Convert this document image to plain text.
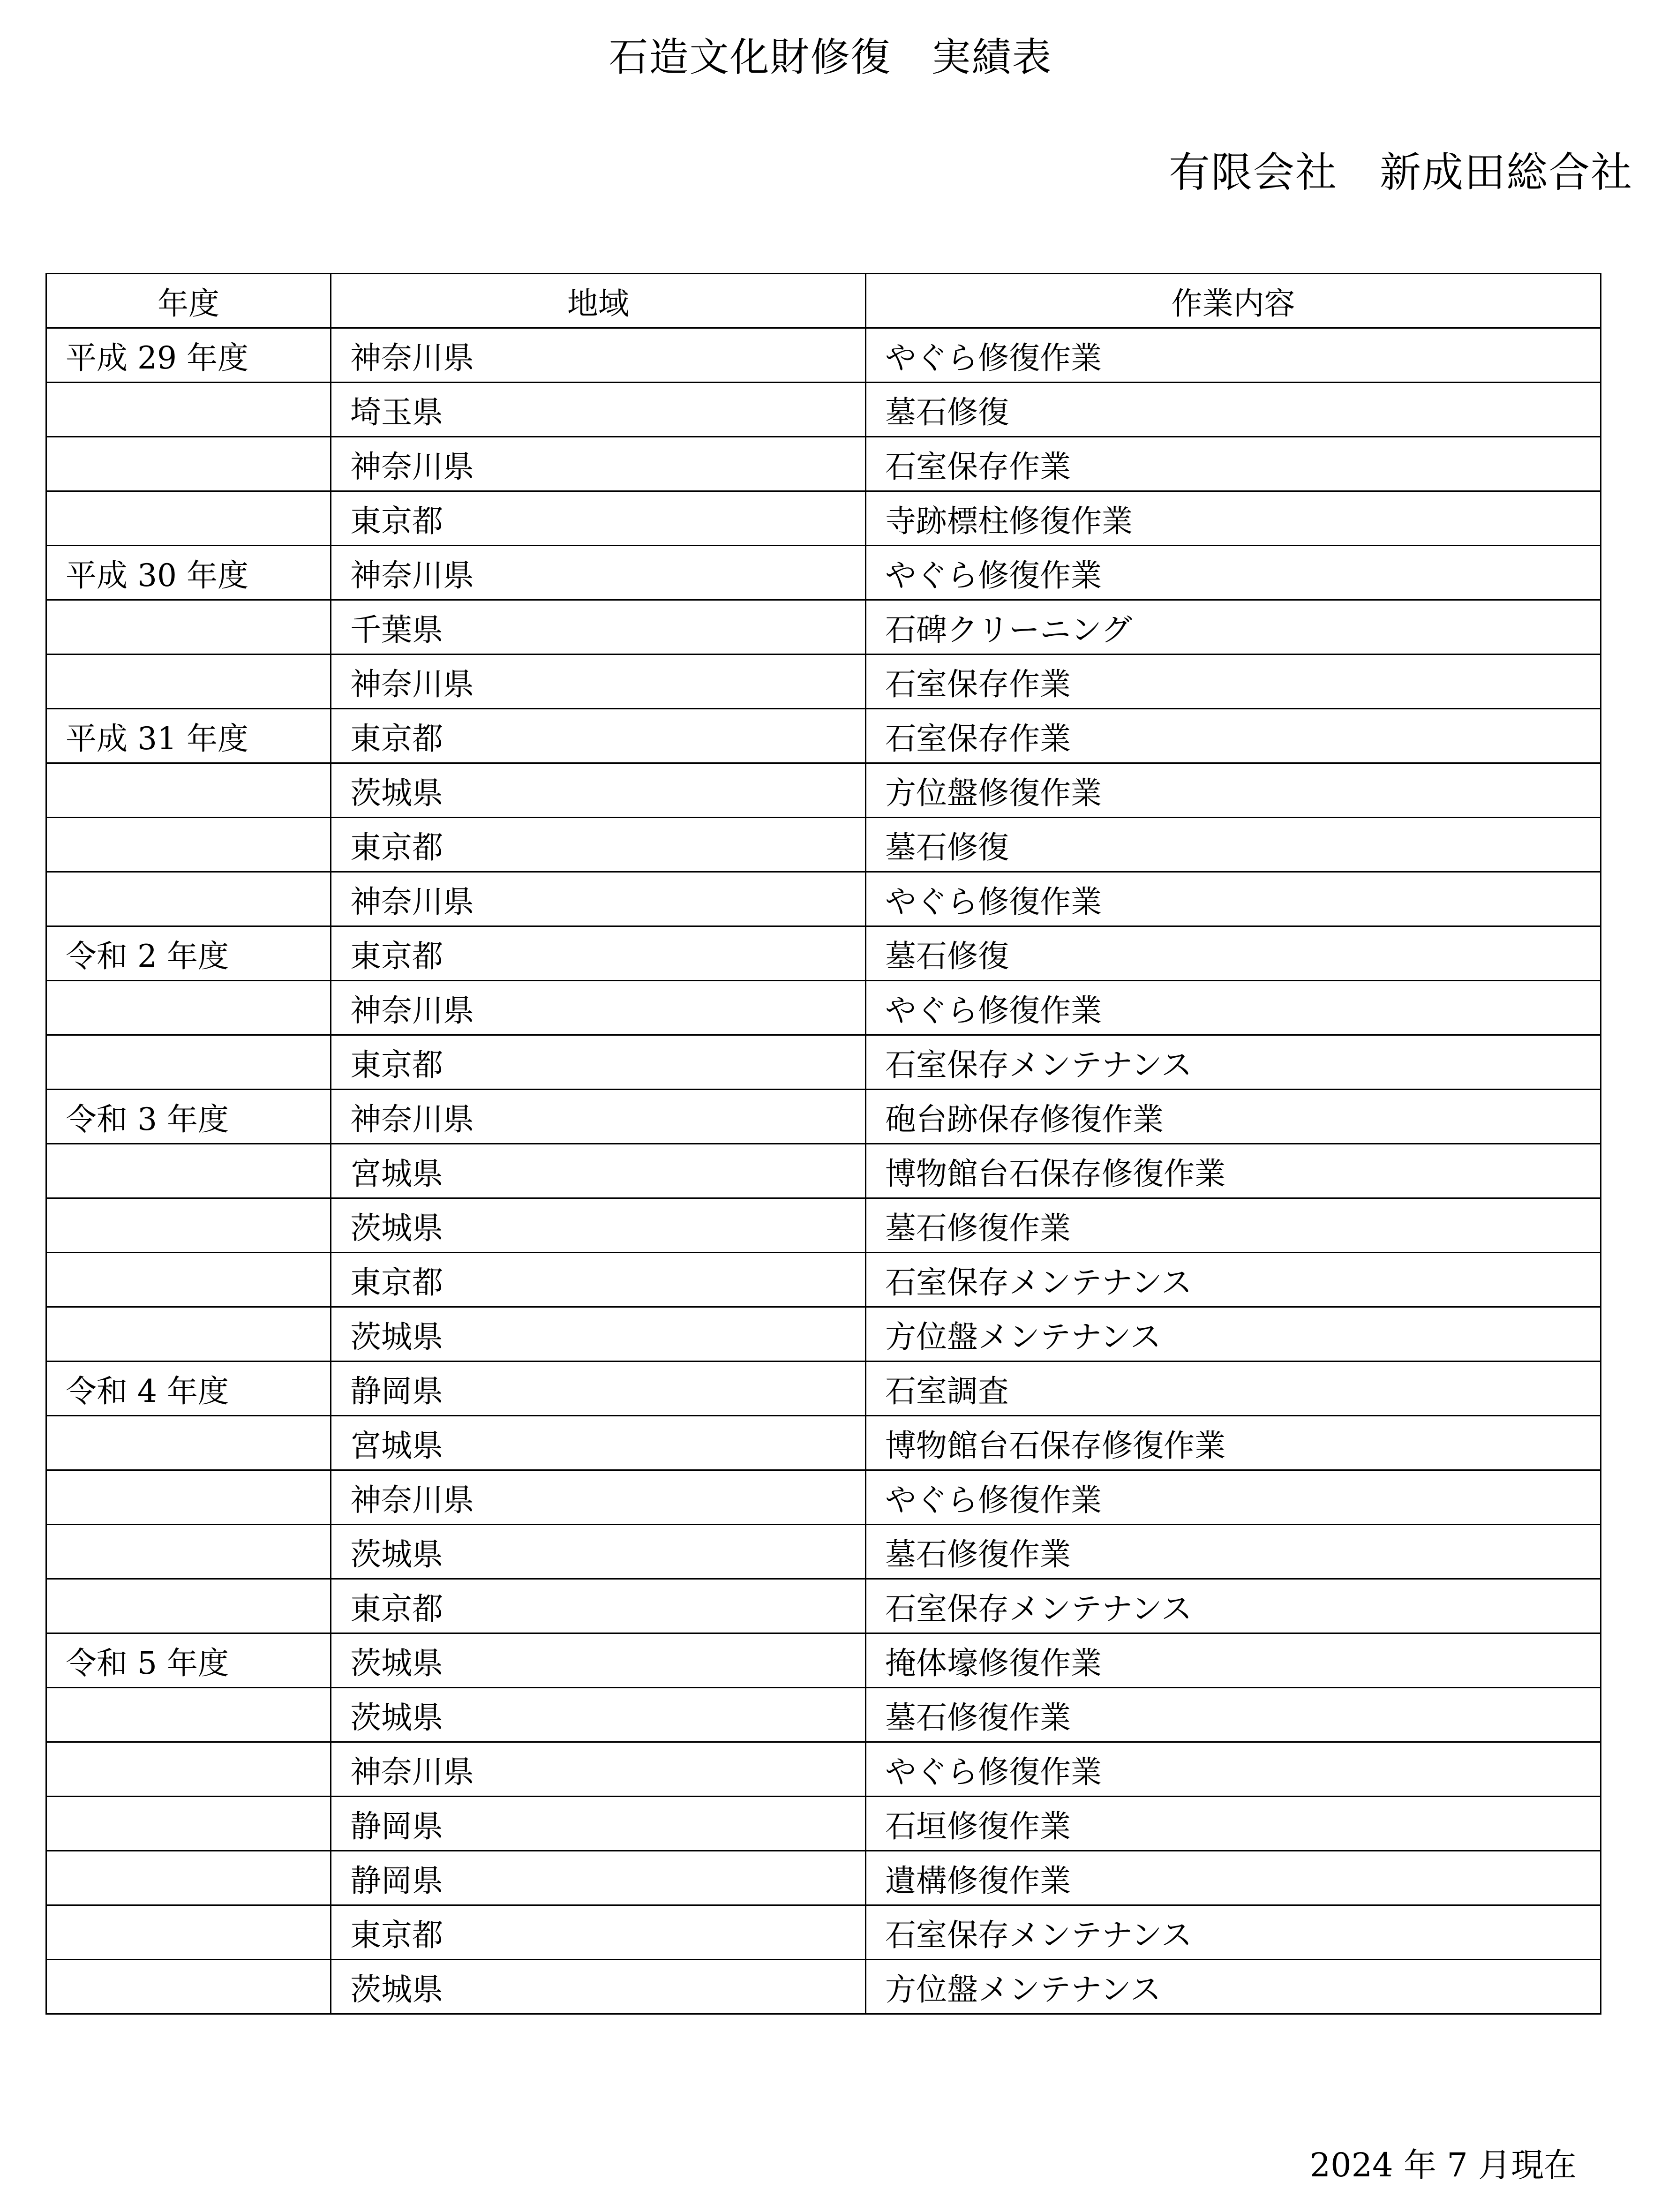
石造文化財修復　実績表
有限会社　新成田総合社
年度	地域	作業内容
平成 29 年度	神奈川県	やぐら修復作業
	埼玉県	墓石修復
	神奈川県	石室保存作業
	東京都	寺跡標柱修復作業
平成 30 年度	神奈川県	やぐら修復作業
	千葉県	石碑クリーニング
	神奈川県	石室保存作業
平成 31 年度	東京都	石室保存作業
	茨城県	方位盤修復作業
	東京都	墓石修復
	神奈川県	やぐら修復作業
令和 2 年度	東京都	墓石修復
	神奈川県	やぐら修復作業
	東京都	石室保存メンテナンス
令和 3 年度	神奈川県	砲台跡保存修復作業
	宮城県	博物館台石保存修復作業
	茨城県	墓石修復作業
	東京都	石室保存メンテナンス
	茨城県	方位盤メンテナンス
令和 4 年度	静岡県	石室調査
	宮城県	博物館台石保存修復作業
	神奈川県	やぐら修復作業
	茨城県	墓石修復作業
	東京都	石室保存メンテナンス
令和 5 年度	茨城県	掩体壕修復作業
	茨城県	墓石修復作業
	神奈川県	やぐら修復作業
	静岡県	石垣修復作業
	静岡県	遺構修復作業
	東京都	石室保存メンテナンス
	茨城県	方位盤メンテナンス
2024 年 7 月現在
